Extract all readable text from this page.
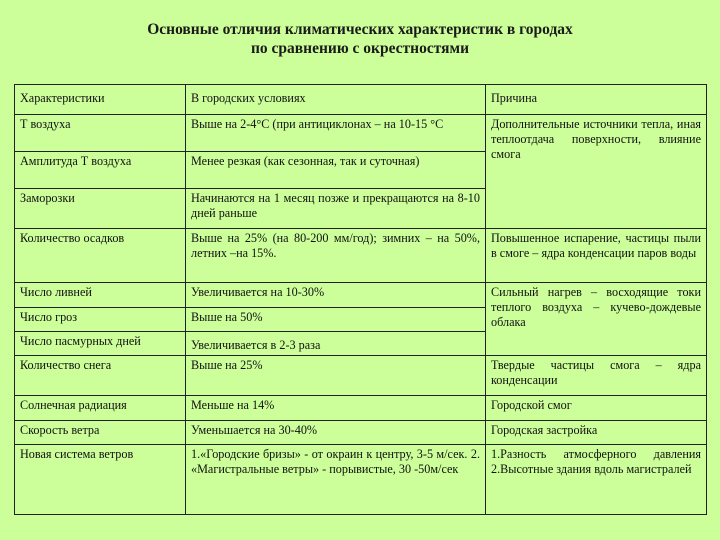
Основные отличия климатических характеристик в городах
по сравнению с окрестностями
Характеристики	В городских условиях	Причина
Т воздуха	Выше на 2-4°С (при антициклонах – на 10-15 °С	Дополнительные источники тепла, иная теплоотдача поверхности, влияние смога
Амплитуда Т воздуха	Менее резкая (как сезонная, так и суточная)	
Заморозки	Начинаются на 1 месяц позже и прекращаются на 8-10 дней раньше	
Количество осадков	Выше на 25% (на 80-200 мм/год); зимних – на 50%, летних –на 15%.	Повышенное испарение, частицы пыли в смоге – ядра конденсации паров воды
Число ливней	Увеличивается на 10-30%	Сильный нагрев – восходящие токи теплого воздуха – кучево-дождевые облака
Число гроз	Выше на 50%	
Число пасмурных дней	Увеличивается в 2-3 раза	
Количество снега	Выше на 25%	Твердые частицы смога – ядра конденсации
Солнечная радиация	Меньше на 14%	Городской смог
Скорость ветра	Уменьшается на 30-40%	Городская застройка
Новая система ветров	1.«Городские бризы» - от окраин к центру, 3-5 м/сек. 2. «Магистральные ветры» - порывистые, 30 -50м/сек	1.Разность атмосферного давления 2.Высотные здания вдоль магистралей
